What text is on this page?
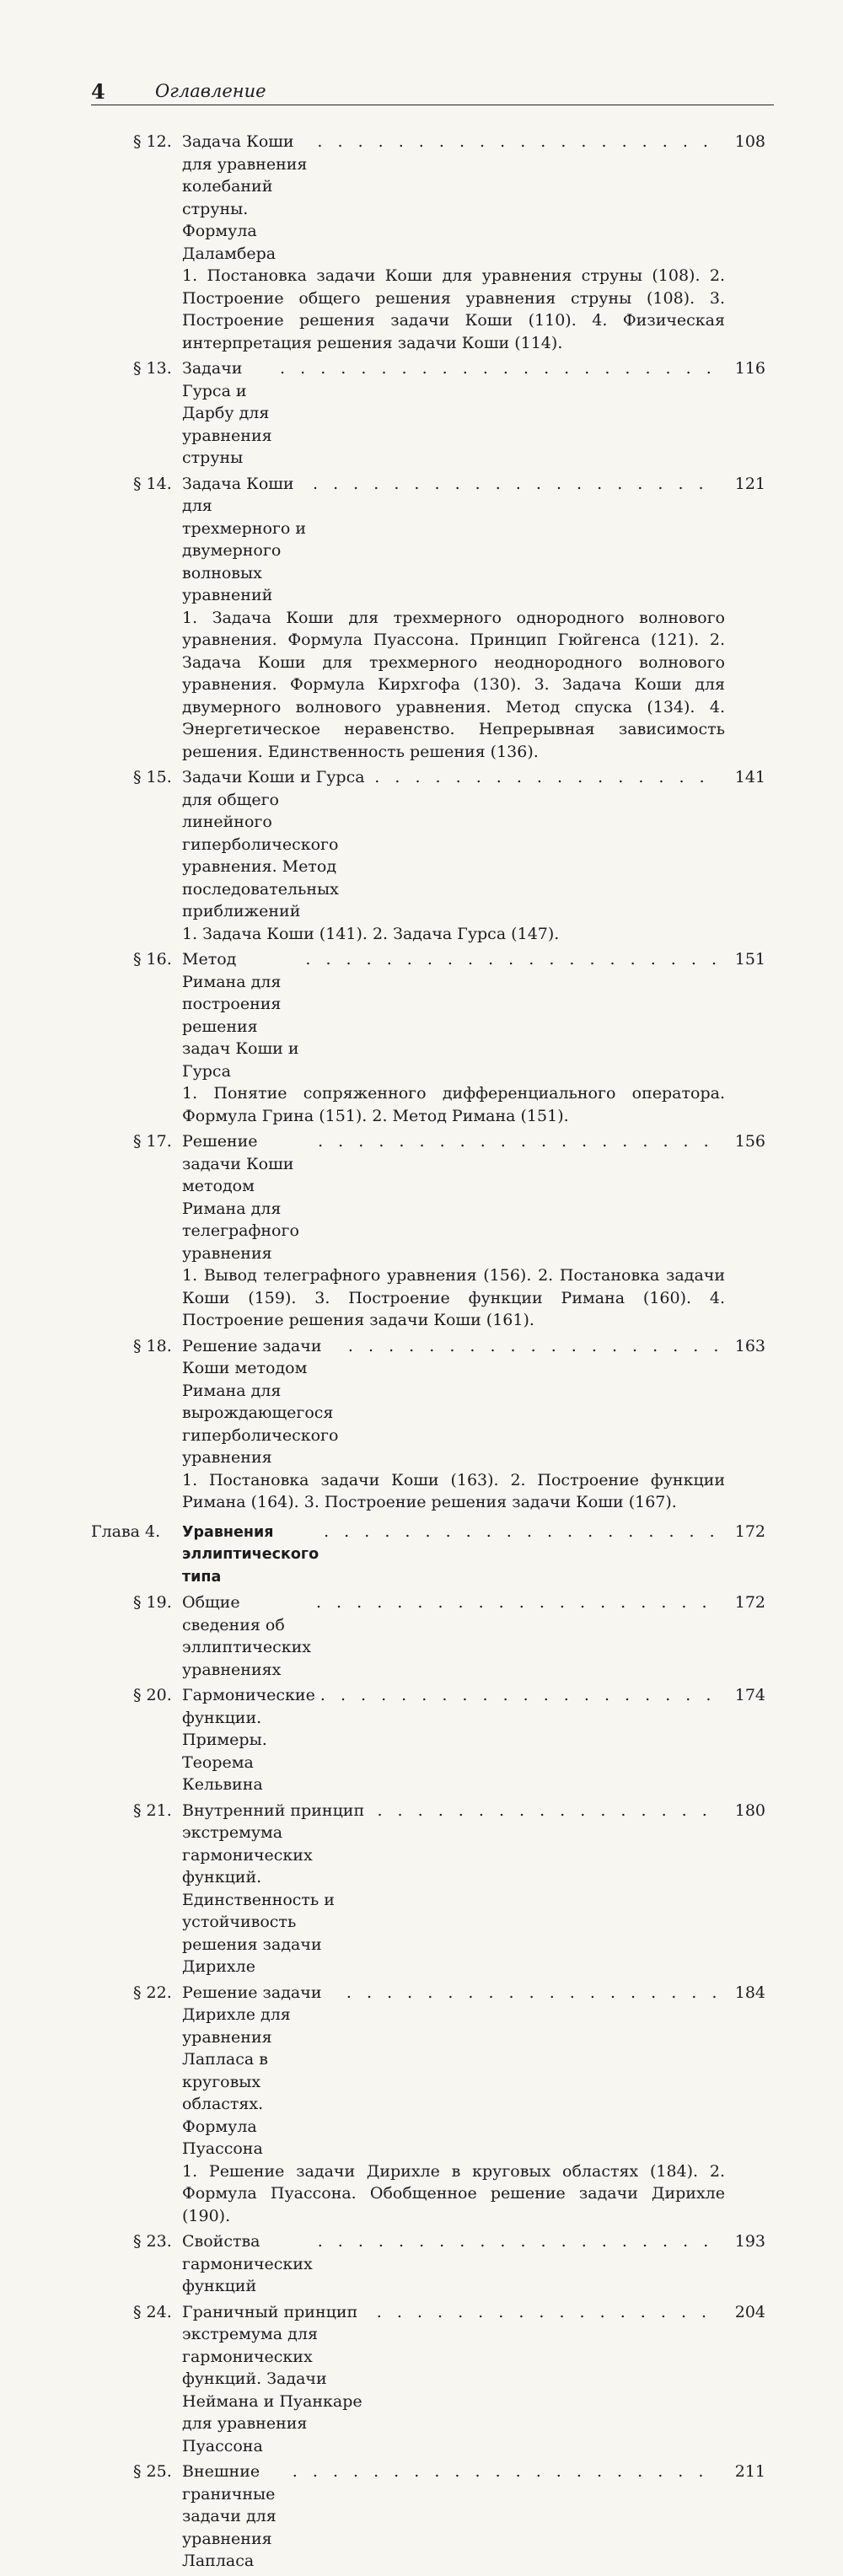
4	Оглавление
§ 12. Задача Коши для уравнения колебаний струны. Формула Даламбера
. . .
108
1. Постановка задачи Коши для уравнения струны (108). 2. Построение общего решения уравнения струны (108). 3. Построение решения задачи Коши (110). 4. Физическая интерпретация решения задачи Коши (114).
§ 13. Задачи Гурса и Дарбу для уравнения струны
. . .
116
§ 14. Задача Коши для трехмерного и двумерного волновых уравнений
. . .
121
1. Задача Коши для трехмерного однородного волнового уравнения. Формула Пуассона. Принцип Гюйгенса (121). 2. Задача Коши для трехмерного неоднородного волнового уравнения. Формула Кирхгофа (130). 3. Задача Коши для двумерного волнового уравнения. Метод спуска (134). 4. Энергетическое неравенство. Непрерывная зависимость решения. Единственность решения (136).
§ 15. Задачи Коши и Гурса для общего линейного гиперболического уравнения. Метод последовательных приближений
. . .
141
1. Задача Коши (141). 2. Задача Гурса (147).
§ 16. Метод Римана для построения решения задач Коши и Гурса
. . .
151
1. Понятие сопряженного дифференциального оператора. Формула Грина (151). 2. Метод Римана (151).
§ 17. Решение задачи Коши методом Римана для телеграфного уравнения
. . .
156
1. Вывод телеграфного уравнения (156). 2. Постановка задачи Коши (159). 3. Построение функции Римана (160). 4. Построение решения задачи Коши (161).
§ 18. Решение задачи Коши методом Римана для вырождающегося гиперболического уравнения
. . .
163
1. Постановка задачи Коши (163). 2. Построение функции Римана (164). 3. Построение решения задачи Коши (167).
Глава 4. Уравнения эллиптического типа
. . .
172
§ 19. Общие сведения об эллиптических уравнениях
. . .
172
§ 20. Гармонические функции. Примеры. Теорема Кельвина
. . .
174
§ 21. Внутренний принцип экстремума гармонических функций. Единственность и устойчивость решения задачи Дирихле
. . .
180
§ 22. Решение задачи Дирихле для уравнения Лапласа в круговых областях. Формула Пуассона
. . .
184
1. Решение задачи Дирихле в круговых областях (184). 2. Формула Пуассона. Обобщенное решение задачи Дирихле (190).
§ 23. Свойства гармонических функций
. . .
193
§ 24. Граничный принцип экстремума для гармонических функций. Задачи Неймана и Пуанкаре для уравнения Пуассона
. . .
204
§ 25. Внешние граничные задачи для уравнения Лапласа
. . .
211
